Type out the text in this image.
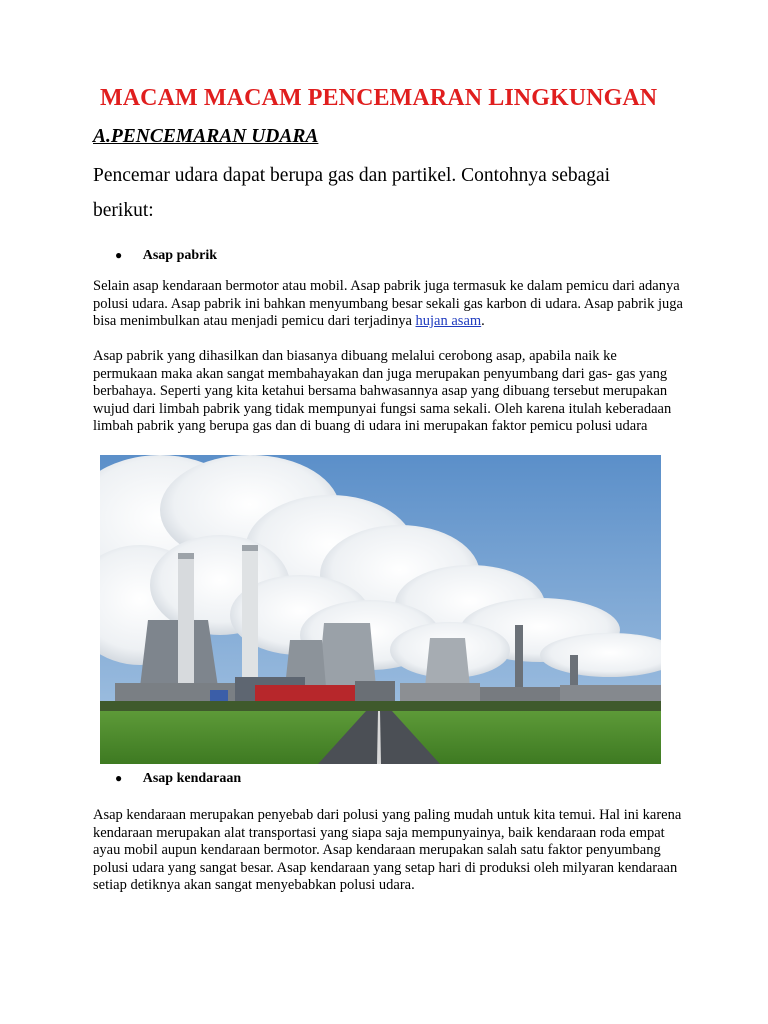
MACAM MACAM PENCEMARAN LINGKUNGAN
A.PENCEMARAN UDARA
Pencemar udara dapat berupa gas dan partikel. Contohnya sebagai
berikut:
● Asap pabrik

Selain asap kendaraan bermotor atau mobil. Asap pabrik juga termasuk ke dalam pemicu dari adanya polusi udara. Asap pabrik ini bahkan menyumbang besar sekali gas karbon di udara. Asap pabrik juga bisa menimbulkan atau menjadi pemicu dari terjadinya hujan asam.

Asap pabrik yang dihasilkan dan biasanya dibuang melalui cerobong asap, apabila naik ke permukaan maka akan sangat membahayakan dan juga merupakan penyumbang dari gas- gas yang berbahaya. Seperti yang kita ketahui bersama bahwasannya asap yang dibuang tersebut merupakan wujud dari limbah pabrik yang tidak mempunyai fungsi sama sekali. Oleh karena itulah keberadaan limbah pabrik yang berupa gas dan di buang di udara ini merupakan faktor pemicu polusi udara

● Asap kendaraan

Asap kendaraan merupakan penyebab dari polusi yang paling mudah untuk kita temui. Hal ini karena kendaraan merupakan alat transportasi yang siapa saja mempunyainya, baik kendaraan roda empat ayau mobil aupun kendaraan bermotor. Asap kendaraan merupakan salah satu faktor penyumbang polusi udara yang sangat besar. Asap kendaraan yang setap hari di produksi oleh milyaran kendaraan setiap detiknya akan sangat menyebabkan polusi udara.
